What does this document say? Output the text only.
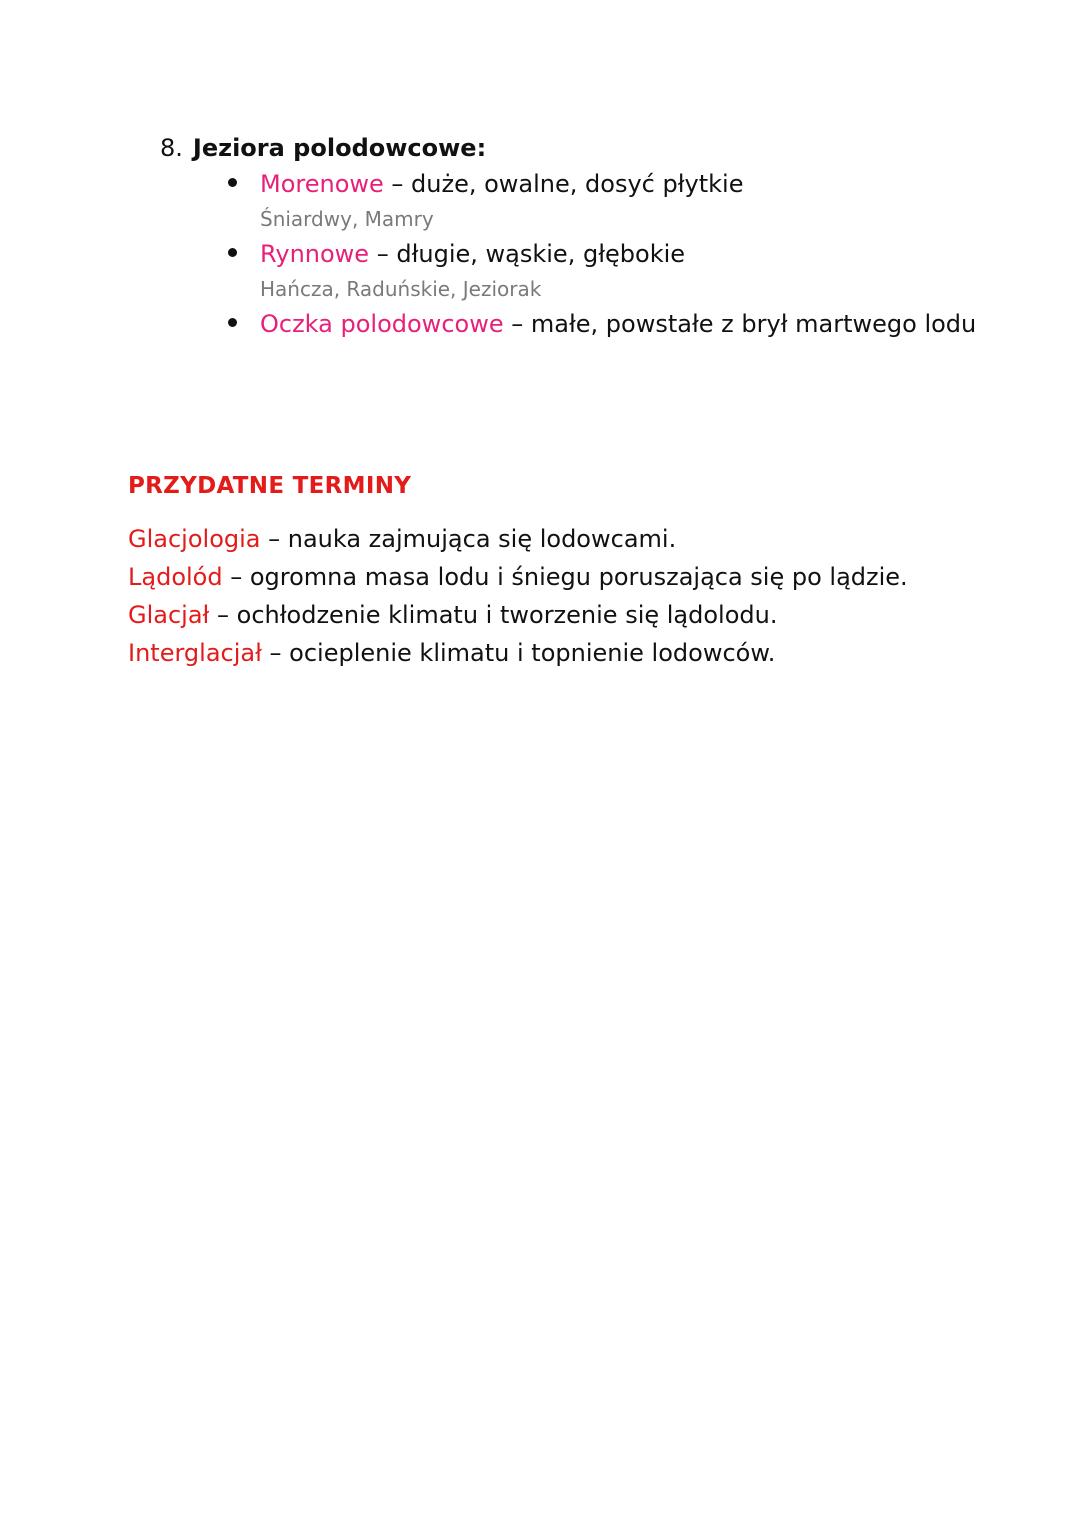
8. Jeziora polodowcowe:
Morenowe – duże, owalne, dosyć płytkie
Śniardwy, Mamry
Rynnowe – długie, wąskie, głębokie
Hańcza, Raduńskie, Jeziorak
Oczka polodowcowe – małe, powstałe z brył martwego lodu
PRZYDATNE TERMINY
Glacjologia – nauka zajmująca się lodowcami.
Lądolód – ogromna masa lodu i śniegu poruszająca się po lądzie.
Glacjał – ochłodzenie klimatu i tworzenie się lądolodu.
Interglacjał – ocieplenie klimatu i topnienie lodowców.
